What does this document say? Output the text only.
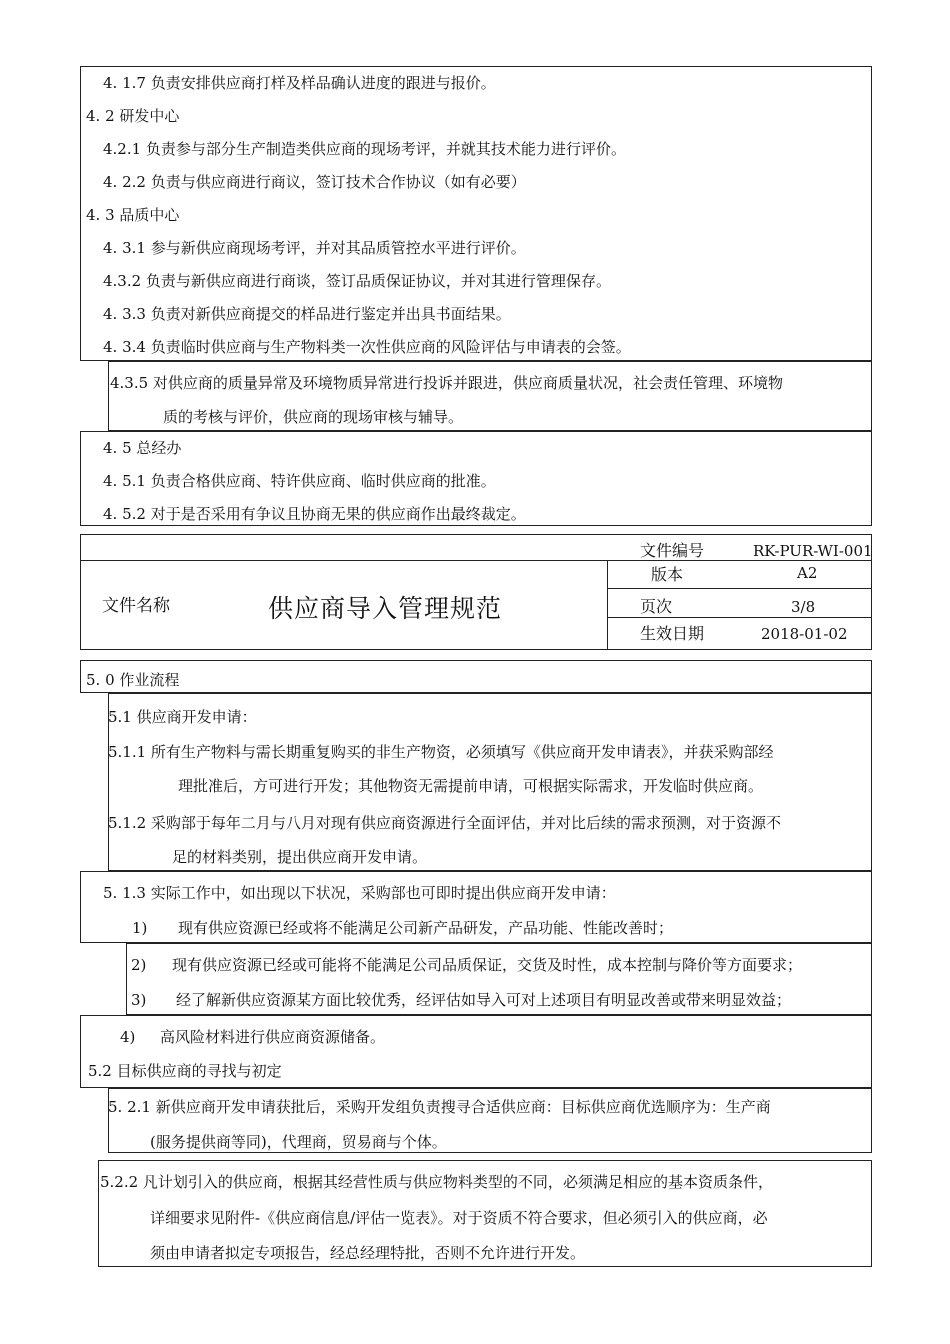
4. 1.7 负责安排供应商打样及样品确认进度的跟进与报价。
4. 2 研发中心
4.2.1 负责参与部分生产制造类供应商的现场考评，并就其技术能力进行评价。
4. 2.2 负责与供应商进行商议，签订技术合作协议（如有必要）
4. 3 品质中心
4. 3.1 参与新供应商现场考评，并对其品质管控水平进行评价。
4.3.2 负责与新供应商进行商谈，签订品质保证协议，并对其进行管理保存。
4. 3.3 负责对新供应商提交的样品进行鉴定并出具书面结果。
4. 3.4 负责临时供应商与生产物料类一次性供应商的风险评估与申请表的会签。
4.3.5 对供应商的质量异常及环境物质异常进行投诉并跟进，供应商质量状况，社会责任管理、环境物
质的考核与评价，供应商的现场审核与辅导。
4. 5 总经办
4. 5.1 负责合格供应商、特许供应商、临时供应商的批准。
4. 5.2 对于是否采用有争议且协商无果的供应商作出最终裁定。
文件名称	供应商导入管理规范
文件编号	RK-PUR-WI-001
版本	A2
页次	3/8
生效日期	2018-01-02
5. 0 作业流程
5.1 供应商开发申请：
5.1.1 所有生产物料与需长期重复购买的非生产物资，必须填写《供应商开发申请表》，并获采购部经
理批准后，方可进行开发；其他物资无需提前申请，可根据实际需求，开发临时供应商。
5.1.2 采购部于每年二月与八月对现有供应商资源进行全面评估，并对比后续的需求预测，对于资源不
足的材料类别，提出供应商开发申请。
5. 1.3 实际工作中，如出现以下状况，采购部也可即时提出供应商开发申请：
1) 现有供应资源已经或将不能满足公司新产品研发，产品功能、性能改善时；
2) 现有供应资源已经或可能将不能满足公司品质保证，交货及时性，成本控制与降价等方面要求；
3) 经了解新供应资源某方面比较优秀，经评估如导入可对上述项目有明显改善或带来明显效益；
4) 高风险材料进行供应商资源储备。
5.2 目标供应商的寻找与初定
5. 2.1 新供应商开发申请获批后，采购开发组负责搜寻合适供应商：目标供应商优选顺序为：生产商
(服务提供商等同)，代理商，贸易商与个体。
5.2.2 凡计划引入的供应商，根据其经营性质与供应物料类型的不同，必须满足相应的基本资质条件，
详细要求见附件-《供应商信息/评估一览表》。对于资质不符合要求，但必须引入的供应商，必
须由申请者拟定专项报告，经总经理特批，否则不允许进行开发。
